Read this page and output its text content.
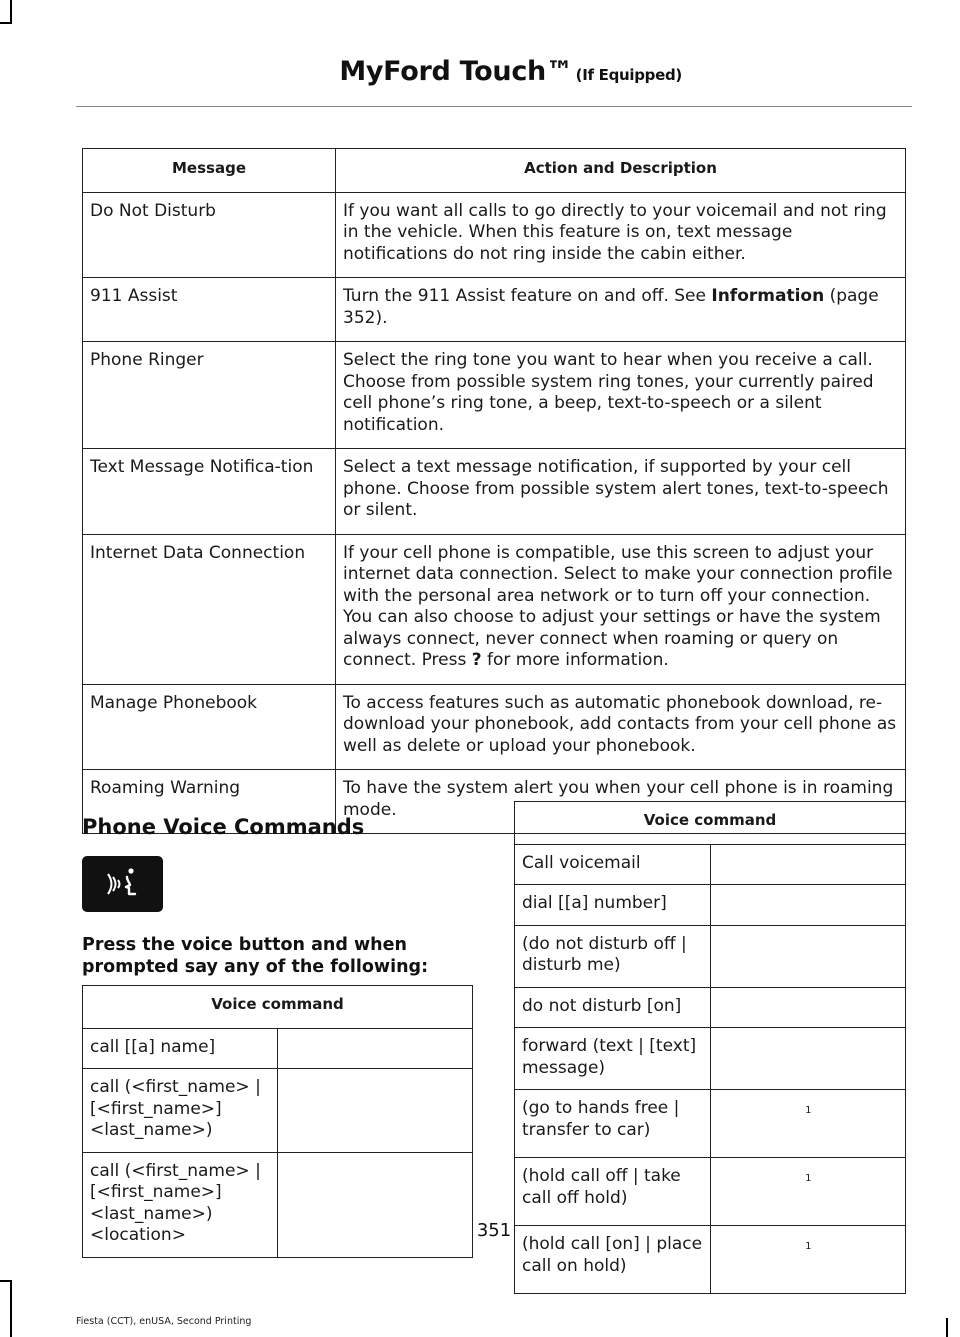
MyFord Touch™ (If Equipped)
Message	Action and Description
Do Not Disturb	If you want all calls to go directly to your voicemail and not ring in the vehicle. When this feature is on, text message notifications do not ring inside the cabin either.
911 Assist	Turn the 911 Assist feature on and off. See Information (page 352).
Phone Ringer	Select the ring tone you want to hear when you receive a call. Choose from possible system ring tones, your currently paired cell phone’s ring tone, a beep, text-to-speech or a silent notification.
Text Message Notifica-tion	Select a text message notification, if supported by your cell phone. Choose from possible system alert tones, text-to-speech or silent.
Internet Data Connection	If your cell phone is compatible, use this screen to adjust your internet data connection. Select to make your connection profile with the personal area network or to turn off your connection. You can also choose to adjust your settings or have the system always connect, never connect when roaming or query on connect. Press ? for more information.
Manage Phonebook	To access features such as automatic phonebook download, re-download your phonebook, add contacts from your cell phone as well as delete or upload your phonebook.
Roaming Warning	To have the system alert you when your cell phone is in roaming mode.
Phone Voice Commands
Press the voice button and when prompted say any of the following:
Voice command	
call [[a] name]	
call (<first_name> | [<first_name>] <last_name>)	
call (<first_name> | [<first_name>] <last_name>) <location>	
Voice command	
Call voicemail	
dial [[a] number]	
(do not disturb off | disturb me)	
do not disturb [on]	
forward (text | [text] message)	
(go to hands free | transfer to car)	1
(hold call off | take call off hold)	1
(hold call [on] | place call on hold)	1
351
Fiesta (CCT), enUSA, Second Printing
